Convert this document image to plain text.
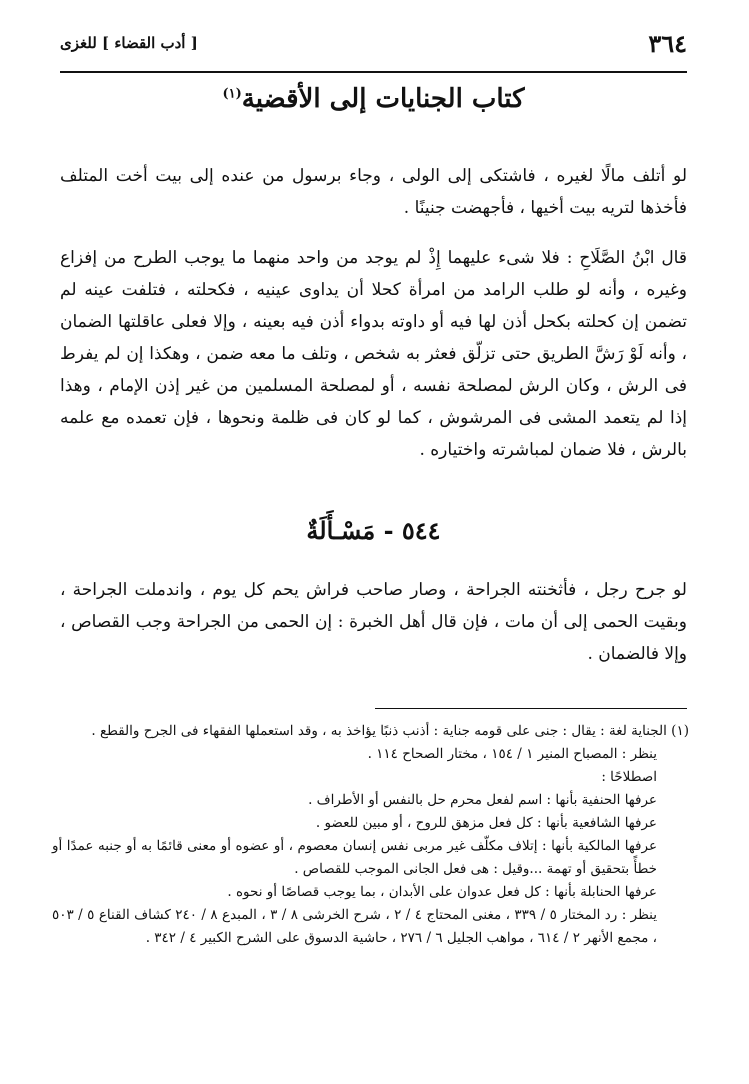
٣٦٤
[ أدب القضاء ] للغزى
كتاب الجنايات إلى الأقضية$^{(١)}$

لو أتلف مالًا لغيره ، فاشتكى إلى الولى ، وجاء برسول من عنده إلى بيت أخت المتلف فأخذها لتريه بيت أخيها ، فأجهضت جنينًا .

قال ابْنُ الصَّلَاحِ : فلا شىء عليهما إِذْ لم يوجد من واحد منهما ما يوجب الطرح من إفزاع وغيره ، وأنه لو طلب الرامد من امرأة كحلا أن يداوى عينيه ، فكحلته ، فتلفت عينه لم تضمن إن كحلته بكحل أذن لها فيه أو داوته بدواء أذن فيه بعينه ، وإلا فعلى عاقلتها الضمان ، وأنه لَوْ رَشَّ الطريق حتى تزلّق فعثر به شخص ، وتلف ما معه ضمن ، وهكذا إن لم يفرط فى الرش ، وكان الرش لمصلحة نفسه ، أو لمصلحة المسلمين من غير إذن الإمام ، وهذا إذا لم يتعمد المشى فى المرشوش ، كما لو كان فى ظلمة ونحوها ، فإن تعمده مع علمه بالرش ، فلا ضمان لمباشرته واختياره .

٥٤٤ - مَسْـأَلَةٌ

لو جرح رجل ، فأثخنته الجراحة ، وصار صاحب فراش يحم كل يوم ، واندملت الجراحة ، وبقيت الحمى إلى أن مات ، فإن قال أهل الخبرة : إن الحمى من الجراحة وجب القصاص ، وإلا فالضمان .

(١) الجناية لغة : يقال : جنى على قومه جناية : أذنب ذنبًا يؤاخذ به ، وقد استعملها الفقهاء فى الجرح والقطع .

ينظر : المصباح المنير ١ / ١٥٤ ، مختار الصحاح ١١٤ .

اصطلاحًا :

عرفها الحنفية بأنها : اسم لفعل محرم حل بالنفس أو الأطراف .

عرفها الشافعية بأنها : كل فعل مزهق للروح ، أو مبين للعضو .

عرفها المالكية بأنها : إتلاف مكلّف غير مربى نفس إنسان معصوم ، أو عضوه أو معنى قائمًا به أو جنبه عمدًا أو خطأً بتحقيق أو تهمة ...وقيل : هى فعل الجانى الموجب للقصاص .

عرفها الحنابلة بأنها : كل فعل عدوان على الأبدان ، بما يوجب قصاصًا أو نحوه .

ينظر : رد المختار ٥ / ٣٣٩ ، مغنى المحتاج ٤ / ٢ ، شرح الخرشى ٨ / ٣ ، المبدع ٨ / ٢٤٠ كشاف القناع ٥ / ٥٠٣ ، مجمع الأنهر ٢ / ٦١٤ ، مواهب الجليل ٦ / ٢٧٦ ، حاشية الدسوق على الشرح الكبير ٤ / ٣٤٢ .
